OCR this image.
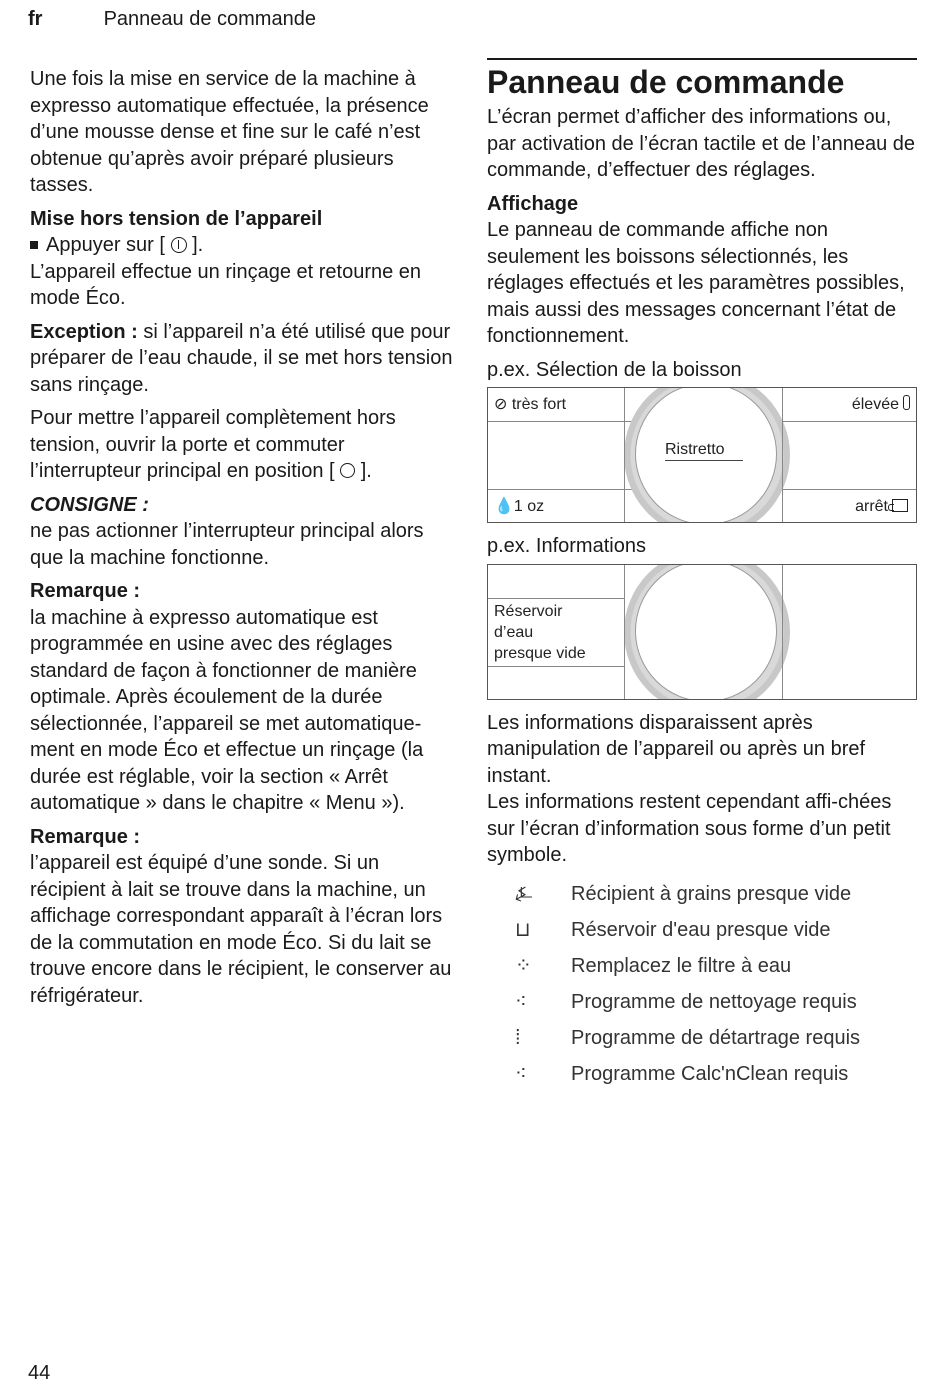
fr	Panneau de commande

Une fois la mise en service de la machine à expresso automatique effectuée, la présence d’une mousse dense et fine sur le café n’est obtenue qu’après avoir préparé plusieurs tasses.

Mise hors tension de l’appareil

Appuyer sur [ ].

L’appareil effectue un rinçage et retourne en mode Éco.

Exception : si l’appareil n’a été utilisé que pour préparer de l’eau chaude, il se met hors tension sans rinçage.

Pour mettre l’appareil complètement hors tension, ouvrir la porte et commuter l’interrupteur principal en position [ ].

CONSIGNE :

ne pas actionner l’interrupteur principal alors que la machine fonctionne.

Remarque :

la machine à expresso automatique est programmée en usine avec des réglages standard de façon à fonctionner de manière optimale. Après écoulement de la durée sélectionnée, l’appareil se met automatique-ment en mode Éco et effectue un rinçage (la durée est réglable, voir la section « Arrêt automatique » dans le chapitre « Menu »).

Remarque :

l’appareil est équipé d’une sonde. Si un récipient à lait se trouve dans la machine, un affichage correspondant apparaît à l’écran lors de la commutation en mode Éco. Si du lait se trouve encore dans le récipient, le conserver au réfrigérateur.

Panneau de commande

L’écran permet d’afficher des informations ou, par activation de l’écran tactile et de l’anneau de commande, d’effectuer des réglages.

Affichage

Le panneau de commande affiche non seulement les boissons sélectionnés, les réglages effectués et les paramètres possibles, mais aussi des messages concernant l’état de fonctionnement.

p.ex. Sélection de la boisson

⊘ très fort	élevée
Ristretto
💧1 oz	arrêt

p.ex. Informations

Réservoir
d’eau
presque vide

Les informations disparaissent après manipulation de l’appareil ou après un bref instant.

Les informations restent cependant affi-chées sur l’écran d’information sous forme d’un petit symbole.

⍼	Récipient à grains presque vide
⊔	Réservoir d'eau presque vide
⁘	Remplacez le filtre à eau
⁖	Programme de nettoyage requis
⁞	Programme de détartrage requis
⁖	Programme Calc'nClean requis
44
